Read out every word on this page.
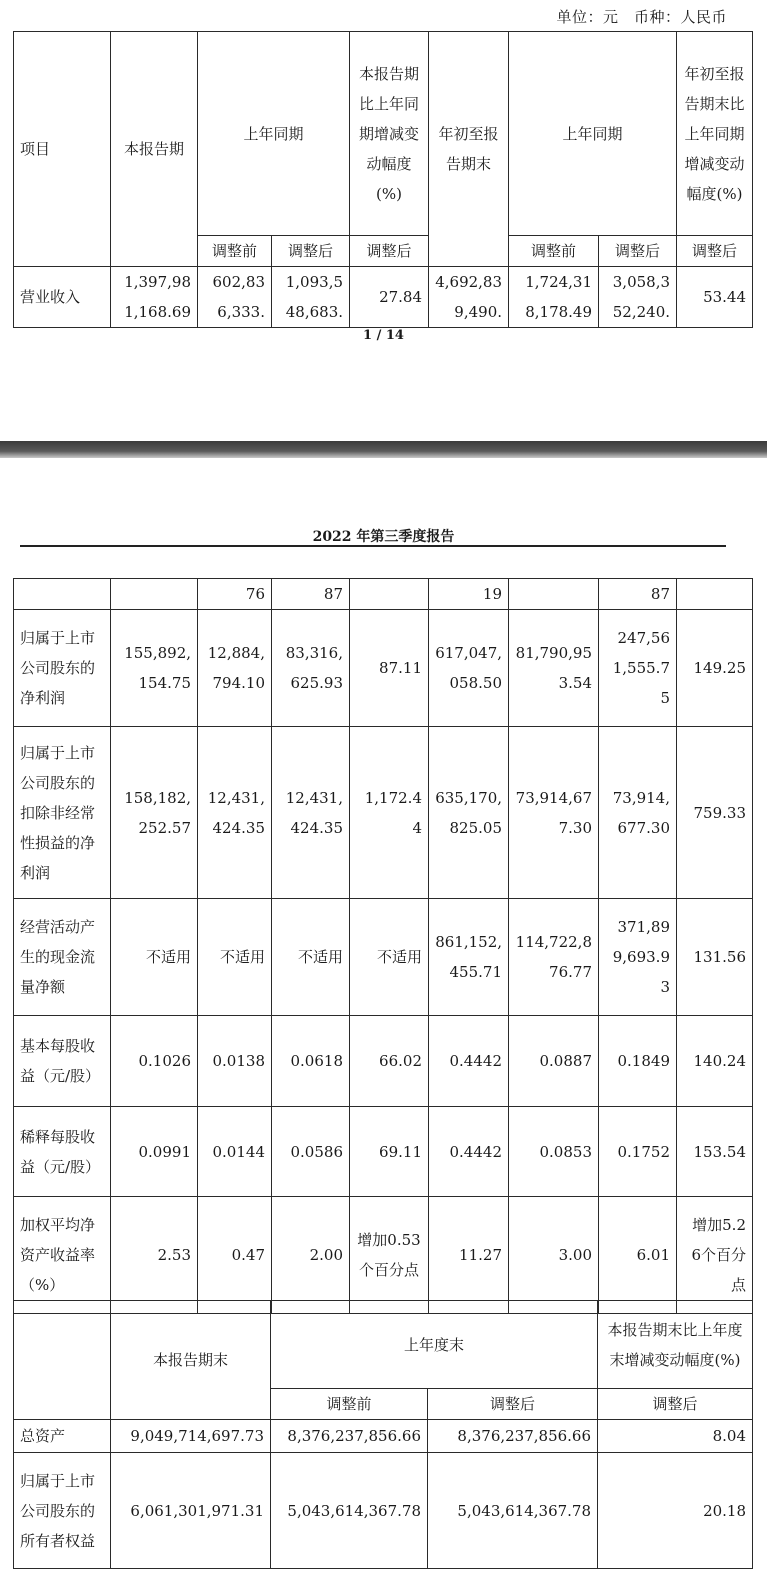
单位：元　币种：人民币
项目	本报告期	上年同期		本报告期比上年同期增减变动幅度(%)	年初至报告期末	上年同期		年初至报告期末比上年同期增减变动幅度(%)
		调整前	调整后	调整后		调整前	调整后	调整后
营业收入	1,397,981,168.69	602,836,333.	1,093,548,683.	27.84	4,692,839,490.	1,724,318,178.49	3,058,352,240.	53.44
1 / 14
2022 年第三季度报告
		76	87		19		87	
归属于上市公司股东的净利润	155,892,154.75	12,884,794.10	83,316,625.93	87.11	617,047,058.50	81,790,953.54	247,561,555.75	149.25
归属于上市公司股东的扣除非经常性损益的净利润	158,182,252.57	12,431,424.35	12,431,424.35	1,172.44	635,170,825.05	73,914,677.30	73,914,677.30	759.33
经营活动产生的现金流量净额	不适用	不适用	不适用	不适用	861,152,455.71	114,722,876.77	371,899,693.93	131.56
基本每股收益（元/股）	0.1026	0.0138	0.0618	66.02	0.4442	0.0887	0.1849	140.24
稀释每股收益（元/股）	0.0991	0.0144	0.0586	69.11	0.4442	0.0853	0.1752	153.54
加权平均净资产收益率（%）	2.53	0.47	2.00	增加0.53个百分点	11.27	3.00	6.01	增加5.26个百分点
	本报告期末	上年度末		本报告期末比上年度末增减变动幅度(%)
		调整前	调整后	调整后
总资产	9,049,714,697.73	8,376,237,856.66	8,376,237,856.66	8.04
归属于上市公司股东的所有者权益	6,061,301,971.31	5,043,614,367.78	5,043,614,367.78	20.18
